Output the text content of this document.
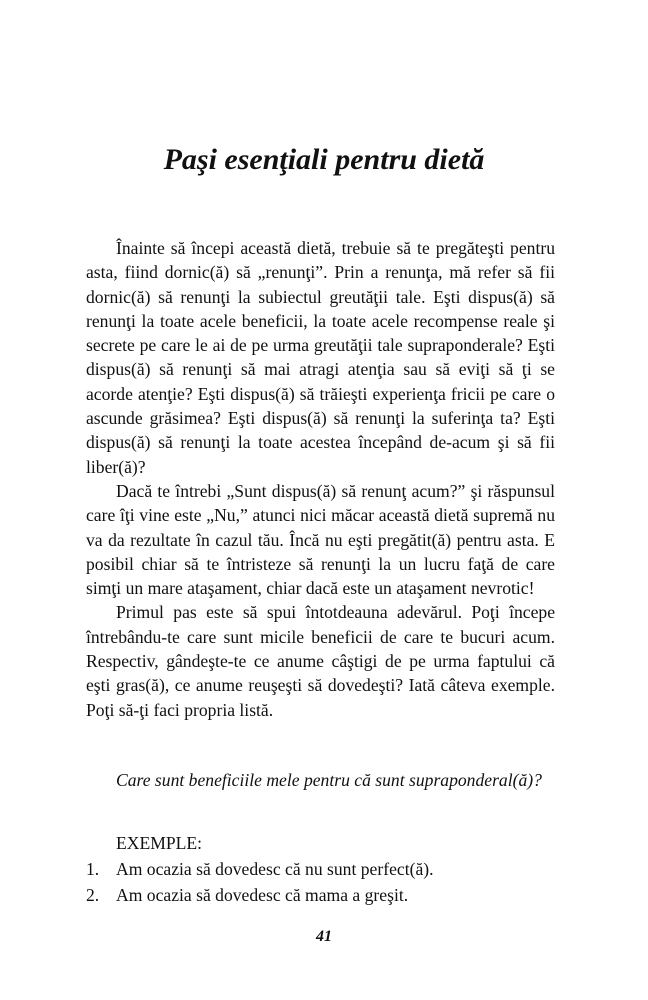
Paşi esenţiali pentru dietă

Înainte să începi această dietă, trebuie să te pregăteşti pentru asta, fiind dornic(ă) să „renunţi”. Prin a renunţa, mă refer să fii dornic(ă) să renunţi la subiectul greutăţii tale. Eşti dispus(ă) să renunţi la toate acele beneficii, la toate acele recompense reale şi secrete pe care le ai de pe urma greutăţii tale supraponderale? Eşti dispus(ă) să renunţi să mai atragi atenţia sau să eviţi să ţi se acorde atenţie? Eşti dispus(ă) să trăieşti experienţa fricii pe care o ascunde grăsimea? Eşti dispus(ă) să renunţi la suferinţa ta? Eşti dispus(ă) să renunţi la toate acestea începând de-acum şi să fii liber(ă)?

Dacă te întrebi „Sunt dispus(ă) să renunţ acum?” şi răspunsul care îţi vine este „Nu,” atunci nici măcar această dietă supremă nu va da rezultate în cazul tău. Încă nu eşti pregătit(ă) pentru asta. E posibil chiar să te întristeze să renunţi la un lucru faţă de care simţi un mare ataşament, chiar dacă este un ataşament nevrotic!

Primul pas este să spui întotdeauna adevărul. Poţi începe întrebându-te care sunt micile beneficii de care te bucuri acum. Respectiv, gândeşte-te ce anume câştigi de pe urma faptului că eşti gras(ă), ce anume reuşeşti să dovedeşti? Iată câteva exemple. Poţi să-ţi faci propria listă.

Care sunt beneficiile mele pentru că sunt supraponderal(ă)?

EXEMPLE:

1. Am ocazia să dovedesc că nu sunt perfect(ă).
2. Am ocazia să dovedesc că mama a greşit.

41
